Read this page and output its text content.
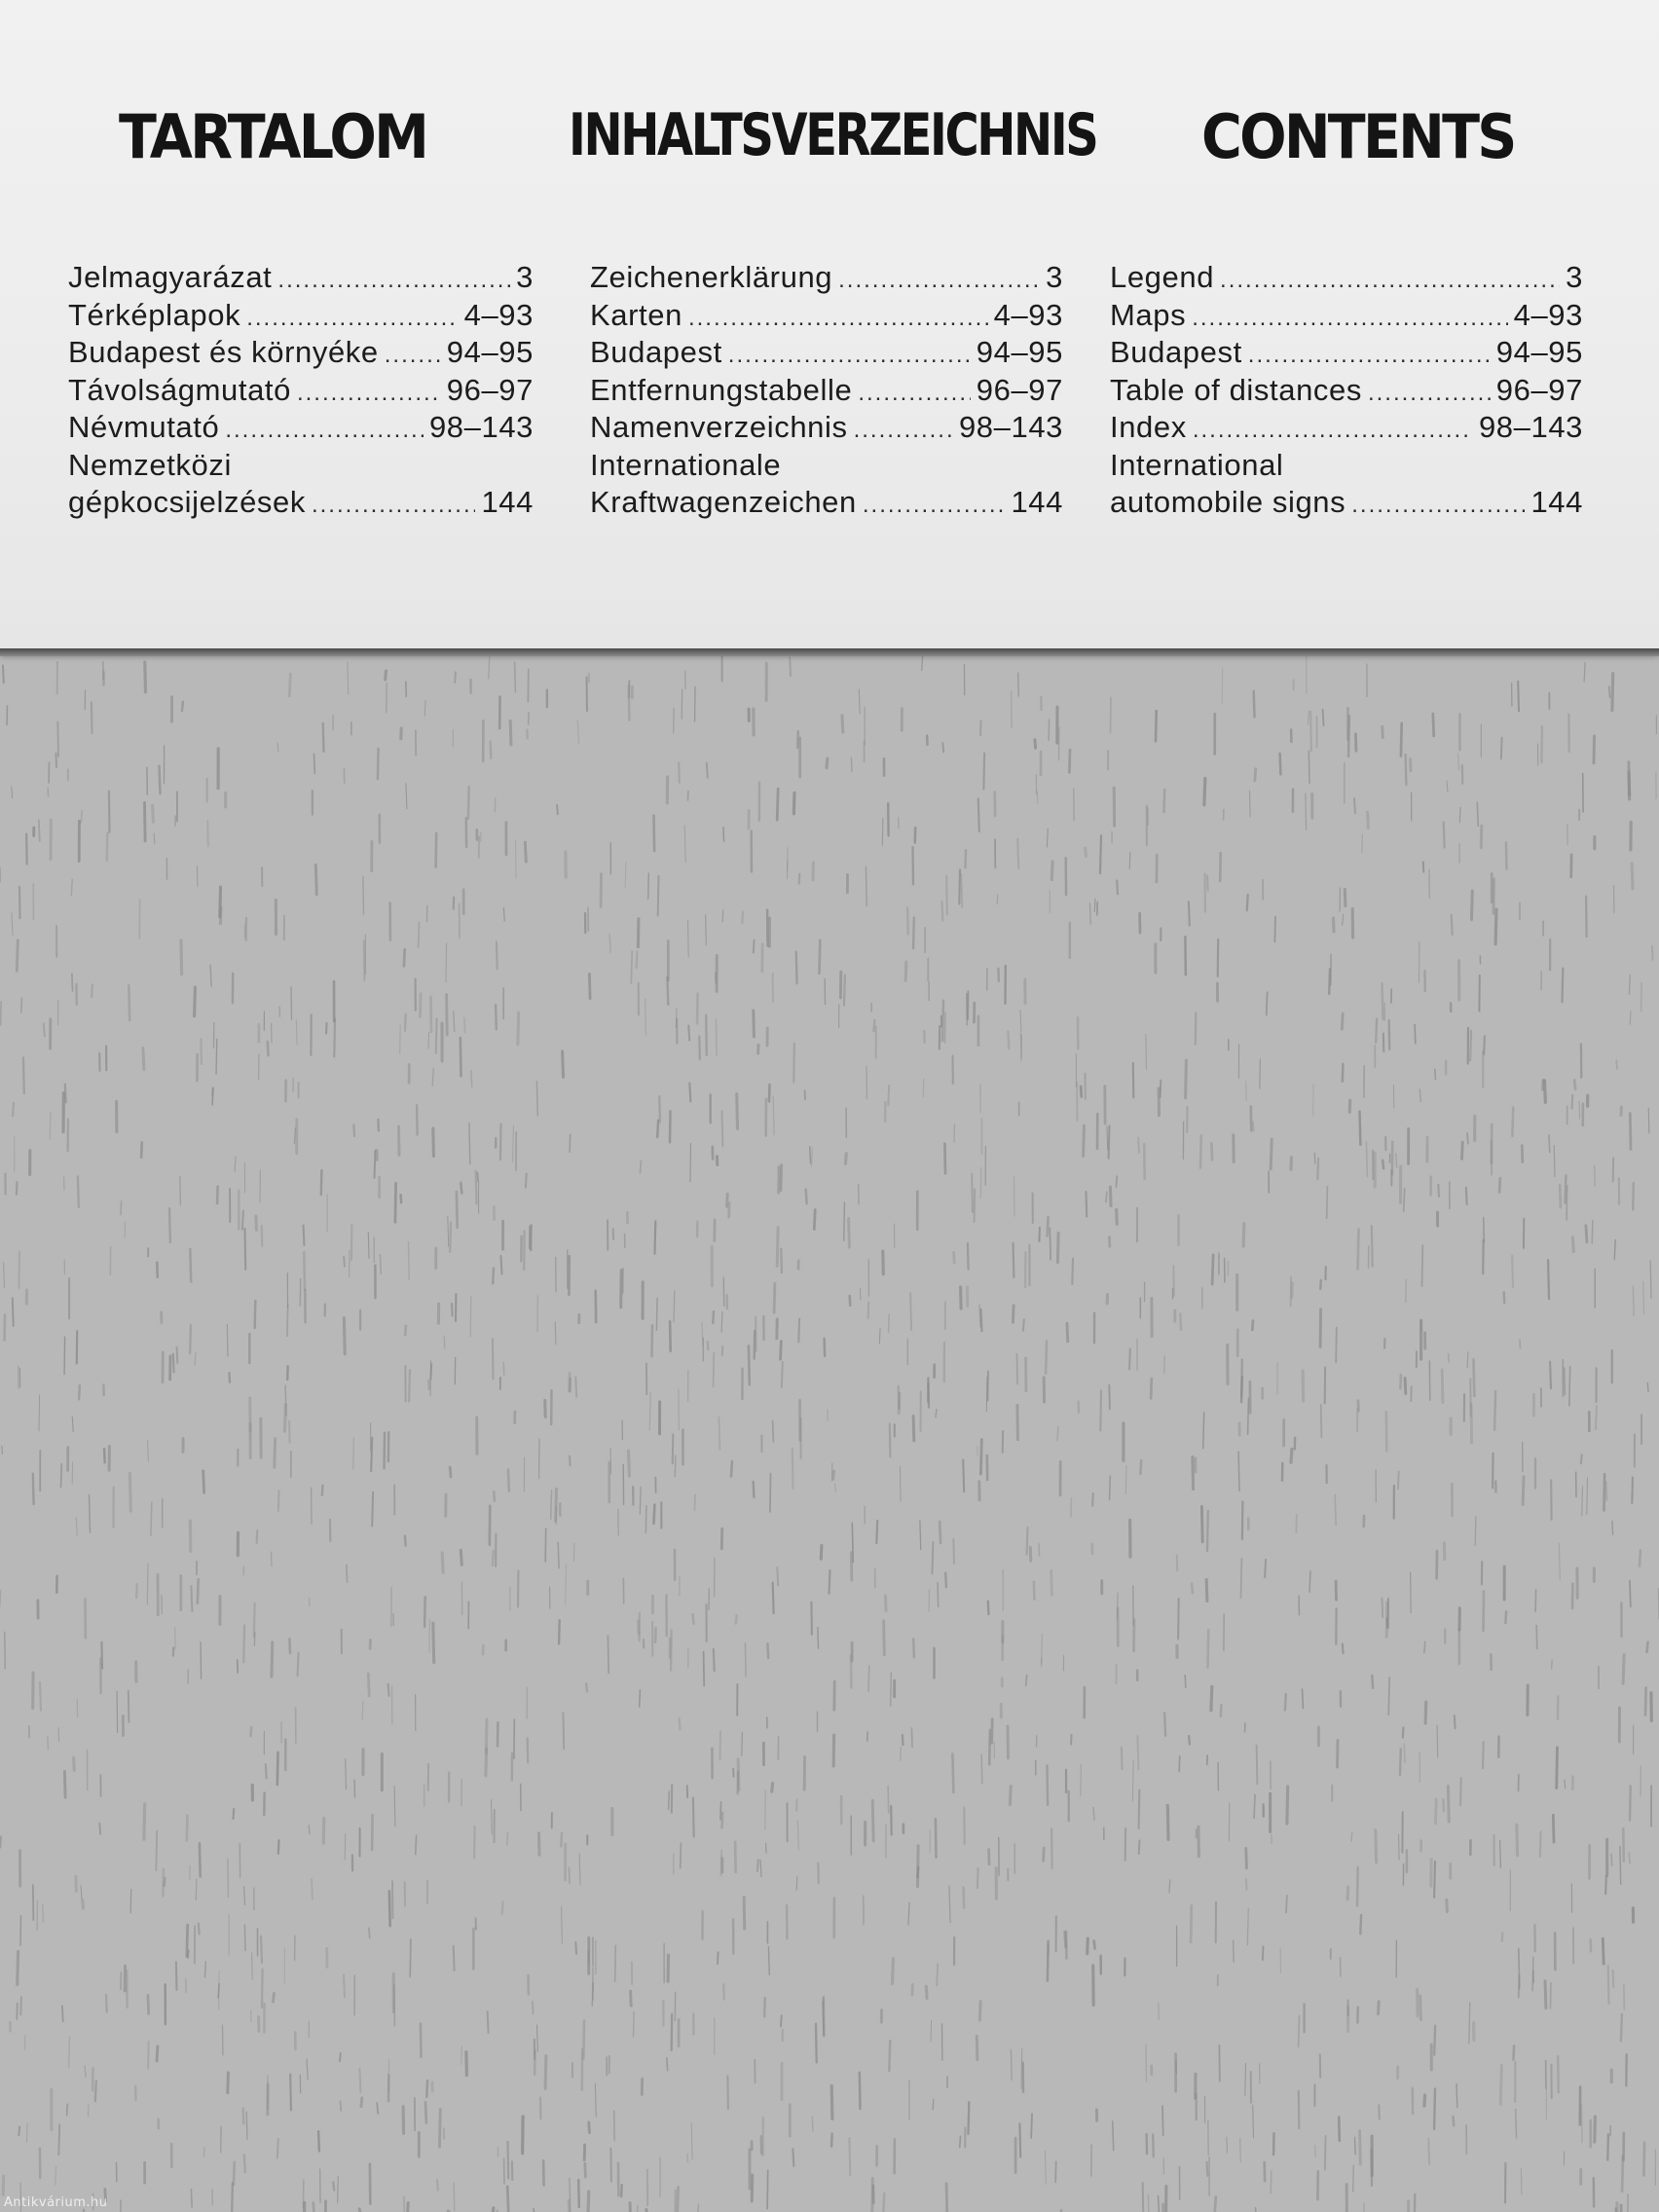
TARTALOM INHALTSVERZEICHNIS CONTENTS
Jelmagyarázat .....	3
Térképlapok .....	4–93
Budapest és környéke ..... 94–95
Távolságmutató .....	96–97
Névmutató .....	98–143
Nemzetközi
gépkocsijelzések .....	144
Zeichenerklärung .....	3
Karten .....	4–93
Budapest .....	94–95
Entfernungstabelle .....	96–97
Namenverzeichnis .....	98–143
Internationale
Kraftwagenzeichen .....	144
Legend .....	3
Maps .....	4–93
Budapest .....	94–95
Table of distances .....	96–97
Index .....	98–143
International
automobile signs .....	144
Antikvárium.hu
